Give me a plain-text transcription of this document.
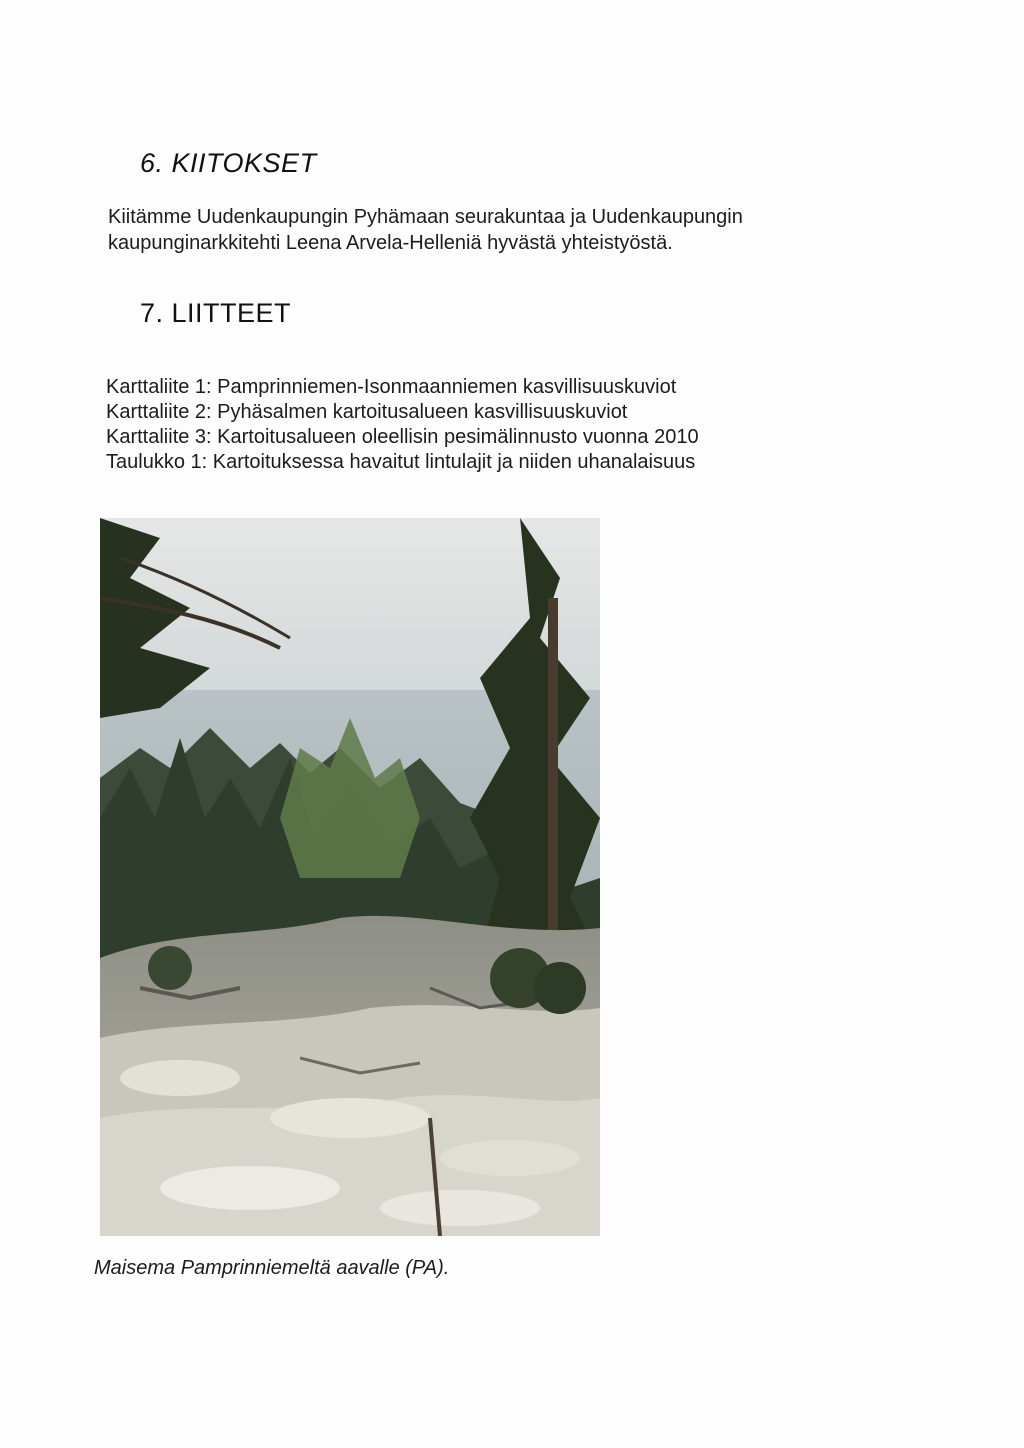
6. KIITOKSET

Kiitämme Uudenkaupungin Pyhämaan seurakuntaa ja Uudenkaupungin kaupunginarkkitehti Leena Arvela-Helleniä hyvästä yhteistyöstä.

7. LIITTEET
Karttaliite 1: Pamprinniemen-Isonmaanniemen kasvillisuuskuviot
Karttaliite 2: Pyhäsalmen kartoitusalueen kasvillisuuskuviot
Karttaliite 3: Kartoitusalueen oleellisin pesimälinnusto vuonna 2010
Taulukko 1: Kartoituksessa havaitut lintulajit ja niiden uhanalaisuus

Maisema Pamprinniemeltä aavalle (PA).
